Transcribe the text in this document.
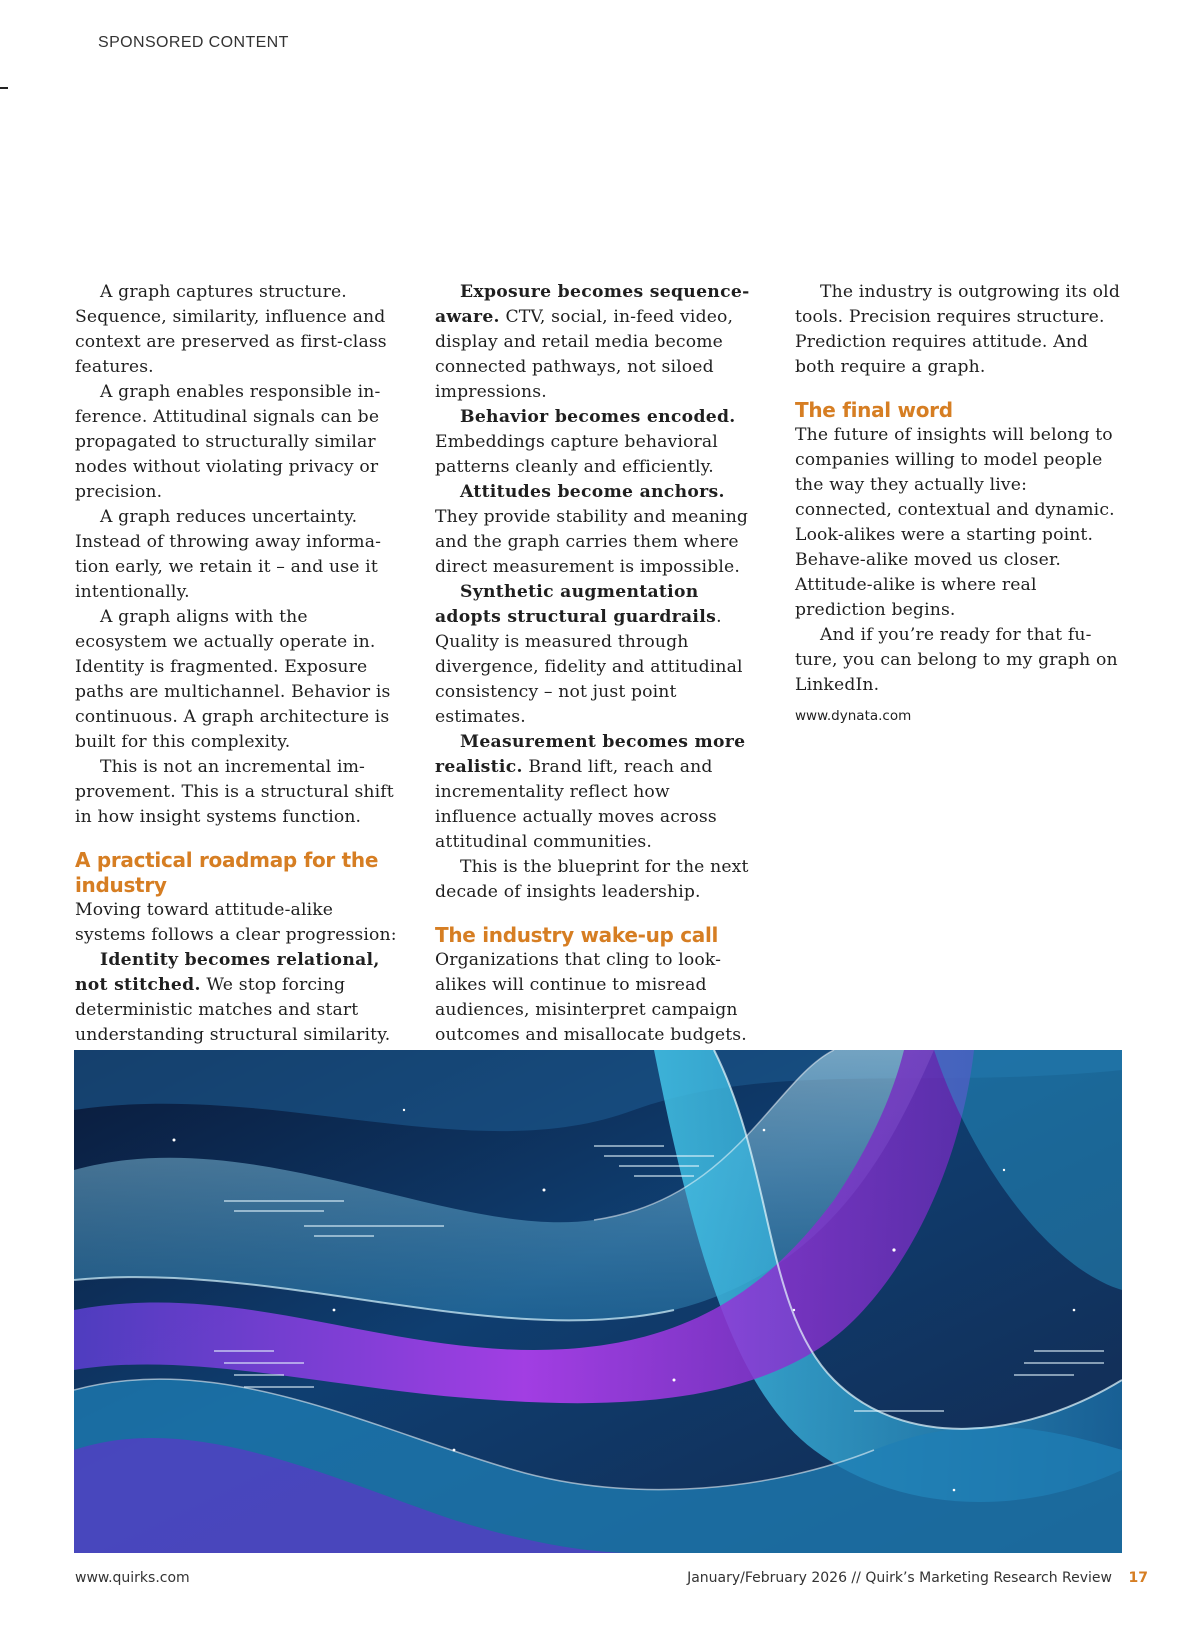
SPONSORED CONTENT

A graph captures structure. Sequence, similarity, influence and context are preserved as first-class features.

A graph enables responsible inference. Attitudinal signals can be propagated to structurally similar nodes without violating privacy or precision.

A graph reduces uncertainty. Instead of throwing away information early, we retain it – and use it intentionally.

A graph aligns with the ecosystem we actually operate in. Identity is fragmented. Exposure paths are multichannel. Behavior is continuous. A graph architecture is built for this complexity.

This is not an incremental improvement. This is a structural shift in how insight systems function.

A practical roadmap for the industry

Moving toward attitude-alike systems follows a clear progression:

Identity becomes relational, not stitched. We stop forcing deterministic matches and start understanding structural similarity.

Exposure becomes sequence-aware. CTV, social, in-feed video, display and retail media become connected pathways, not siloed impressions.

Behavior becomes encoded. Embeddings capture behavioral patterns cleanly and efficiently.

Attitudes become anchors. They provide stability and meaning and the graph carries them where direct measurement is impossible.

Synthetic augmentation adopts structural guardrails. Quality is measured through divergence, fidelity and attitudinal consistency – not just point estimates.

Measurement becomes more realistic. Brand lift, reach and incrementality reflect how influence actually moves across attitudinal communities.

This is the blueprint for the next decade of insights leadership.

The industry wake-up call

Organizations that cling to look-alikes will continue to misread audiences, misinterpret campaign outcomes and misallocate budgets.

The industry is outgrowing its old tools. Precision requires structure. Prediction requires attitude. And both require a graph.

The final word

The future of insights will belong to companies willing to model people the way they actually live: connected, contextual and dynamic. Look-alikes were a starting point. Behave-alike moved us closer. Attitude-alike is where real prediction begins.

And if you’re ready for that future, you can belong to my graph on LinkedIn.

www.dynata.com
www.quirks.com	January/February 2026 // Quirk’s Marketing Research Review 17
